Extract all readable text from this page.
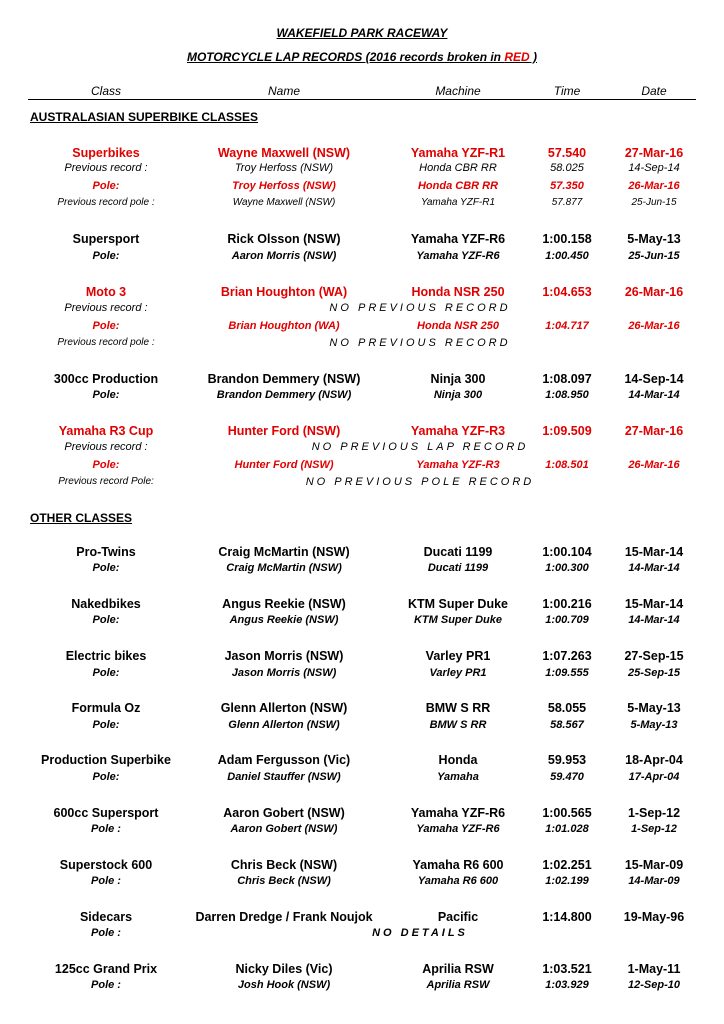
WAKEFIELD PARK RACEWAY
MOTORCYCLE LAP RECORDS (2016 records broken in RED )
Class	Name	Machine	Time	Date
AUSTRALASIAN SUPERBIKE CLASSES
OTHER CLASSES
Superbikes	Wayne Maxwell (NSW)	Yamaha YZF-R1	57.540	27-Mar-16
Previous record :	Troy Herfoss (NSW)	Honda CBR RR	58.025	14-Sep-14
Pole:	Troy Herfoss (NSW)	Honda CBR RR	57.350	26-Mar-16
Previous record pole :	Wayne Maxwell (NSW)	Yamaha YZF-R1	57.877	25-Jun-15
Supersport	Rick Olsson (NSW)	Yamaha YZF-R6	1:00.158	5-May-13
Pole:	Aaron Morris (NSW)	Yamaha YZF-R6	1:00.450	25-Jun-15
Moto 3	Brian Houghton (WA)	Honda NSR 250	1:04.653	26-Mar-16
Previous record :	NO PREVIOUS RECORD
Pole:	Brian Houghton (WA)	Honda NSR 250	1:04.717	26-Mar-16
Previous record pole :	NO PREVIOUS RECORD
300cc Production	Brandon Demmery (NSW)	Ninja 300	1:08.097	14-Sep-14
Pole:	Brandon Demmery (NSW)	Ninja 300	1:08.950	14-Mar-14
Yamaha R3 Cup	Hunter Ford (NSW)	Yamaha YZF-R3	1:09.509	27-Mar-16
Previous record :	NO PREVIOUS LAP RECORD
Pole:	Hunter Ford (NSW)	Yamaha YZF-R3	1:08.501	26-Mar-16
Previous record Pole:	NO PREVIOUS POLE RECORD
Pro-Twins	Craig McMartin (NSW)	Ducati 1199	1:00.104	15-Mar-14
Pole:	Craig McMartin (NSW)	Ducati 1199	1:00.300	14-Mar-14
Nakedbikes	Angus Reekie (NSW)	KTM Super Duke	1:00.216	15-Mar-14
Pole:	Angus Reekie (NSW)	KTM Super Duke	1:00.709	14-Mar-14
Electric bikes	Jason Morris (NSW)	Varley PR1	1:07.263	27-Sep-15
Pole:	Jason Morris (NSW)	Varley PR1	1:09.555	25-Sep-15
Formula Oz	Glenn Allerton (NSW)	BMW S RR	58.055	5-May-13
Pole:	Glenn Allerton (NSW)	BMW S RR	58.567	5-May-13
Production Superbike	Adam Fergusson (Vic)	Honda	59.953	18-Apr-04
Pole:	Daniel Stauffer (NSW)	Yamaha	59.470	17-Apr-04
600cc Supersport	Aaron Gobert (NSW)	Yamaha YZF-R6	1:00.565	1-Sep-12
Pole :	Aaron Gobert (NSW)	Yamaha YZF-R6	1:01.028	1-Sep-12
Superstock 600	Chris Beck (NSW)	Yamaha R6 600	1:02.251	15-Mar-09
Pole :	Chris Beck (NSW)	Yamaha R6 600	1:02.199	14-Mar-09
Sidecars	Darren Dredge / Frank Noujok	Pacific	1:14.800	19-May-96
Pole :	NO DETAILS
125cc Grand Prix	Nicky Diles (Vic)	Aprilia RSW	1:03.521	1-May-11
Pole :	Josh Hook (NSW)	Aprilia RSW	1:03.929	12-Sep-10
